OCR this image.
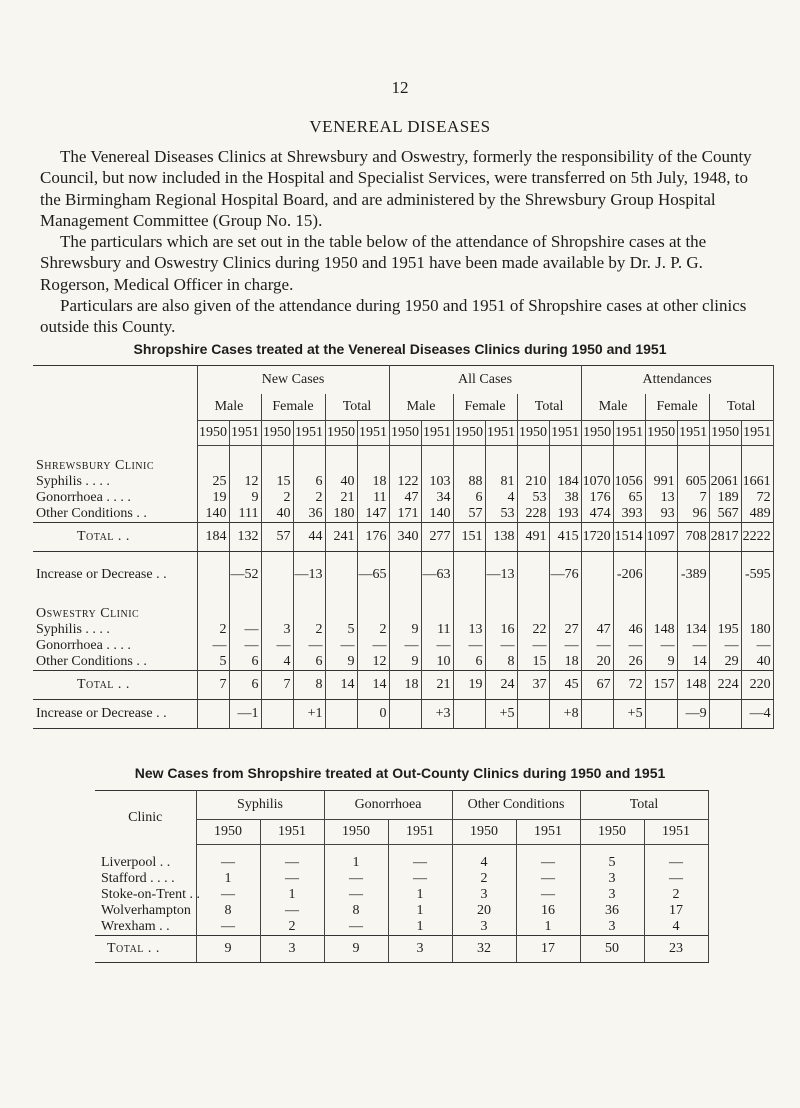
12
VENEREAL DISEASES

The Venereal Diseases Clinics at Shrewsbury and Oswestry, formerly the responsibility of the County Council, but now included in the Hospital and Specialist Services, were transferred on 5th July, 1948, to the Birmingham Regional Hospital Board, and are administered by the Shrewsbury Group Hospital Management Committee (Group No. 15).

The particulars which are set out in the table below of the attendance of Shropshire cases at the Shrewsbury and Oswestry Clinics during 1950 and 1951 have been made available by Dr. J. P. G. Rogerson, Medical Officer in charge.

Particulars are also given of the attendance during 1950 and 1951 of Shropshire cases at other clinics outside this County.

Shropshire Cases treated at the Venereal Diseases Clinics during 1950 and 1951
	New Cases						All Cases						Attendances					
	Male		Female		Total		Male		Female		Total		Male		Female		Total	
	1950	1951	1950	1951	1950	1951	1950	1951	1950	1951	1950	1951	1950	1951	1950	1951	1950	1951

Shrewsbury Clinic																		
Syphilis . . . .	25	12	15	6	40	18	122	103	88	81	210	184	1070	1056	991	605	2061	1661
Gonorrhoea . . . .	19	9	2	2	21	11	47	34	6	4	53	38	176	65	13	7	189	72
Other Conditions . .	140	111	40	36	180	147	171	140	57	53	228	193	474	393	93	96	567	489
Total . .	184	132	57	44	241	176	340	277	151	138	491	415	1720	1514	1097	708	2817	2222
Increase or Decrease . .		—52		—13		—65		—63		—13		—76		-206		-389		-595

Oswestry Clinic																		
Syphilis . . . .	2	—	3	2	5	2	9	11	13	16	22	27	47	46	148	134	195	180
Gonorrhoea . . . .	—	—	—	—	—	—	—	—	—	—	—	—	—	—	—	—	—	—
Other Conditions . .	5	6	4	6	9	12	9	10	6	8	15	18	20	26	9	14	29	40
Total . .	7	6	7	8	14	14	18	21	19	24	37	45	67	72	157	148	224	220
Increase or Decrease . .		—1		+1		0		+3		+5		+8		+5		—9		—4
New Cases from Shropshire treated at Out-County Clinics during 1950 and 1951
Clinic	Syphilis		Gonorrhoea		Other Conditions		Total	
	1950	1951	1950	1951	1950	1951	1950	1951

Liverpool . .	—	—	1	—	4	—	5	—
Stafford . . . .	1	—	—	—	2	—	3	—
Stoke-on-Trent . .	—	1	—	1	3	—	3	2
Wolverhampton	8	—	8	1	20	16	36	17
Wrexham . .	—	2	—	1	3	1	3	4
Total . .	9	3	9	3	32	17	50	23
